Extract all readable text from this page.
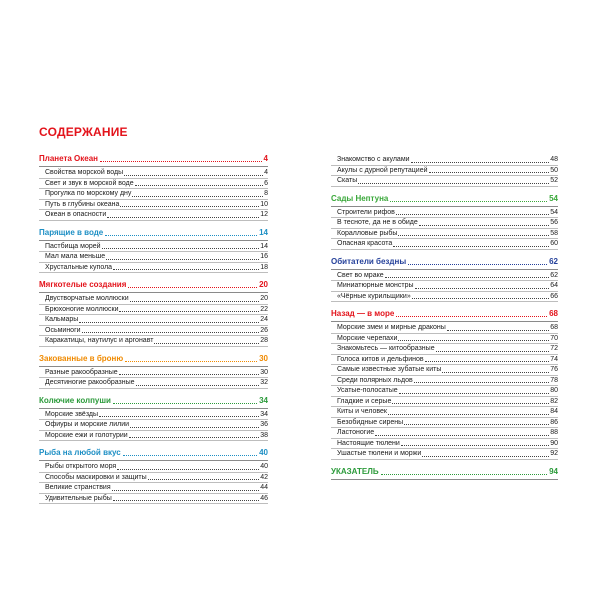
СОДЕРЖАНИЕ
Планета Океан	4
Свойства морской воды	4
Свет и звук в морской воде	6
Прогулка по морскому дну	8
Путь в глубины океана	10
Океан в опасности	12
Парящие в воде	14
Пастбища морей	14
Мал мала меньше	16
Хрустальные купола	18
Мягкотелые создания	20
Двустворчатые моллюски	20
Брюхоногие моллюски	22
Кальмары	24
Осьминоги	26
Каракатицы, наутилус и аргонавт	28
Закованные в броню	30
Разные ракообразные	30
Десятиногие ракообразные	32
Колючие колпуши	34
Морские звёзды	34
Офиуры и морские лилии	36
Морские ежи и голотурии	38
Рыба на любой вкус	40
Рыбы открытого моря	40
Способы маскировки и защиты	42
Великие странствия	44
Удивительные рыбы	46
Знакомство с акулами	48
Акулы с дурной репутацией	50
Скаты	52
Сады Нептуна	54
Строители рифов	54
В тесноте, да не в обиде	56
Коралловые рыбы	58
Опасная красота	60
Обитатели бездны	62
Свет во мраке	62
Миниатюрные монстры	64
«Чёрные курильщики»	66
Назад — в море	68
Морские змеи и мирные драконы	68
Морские черепахи	70
Знакомьтесь — китообразные	72
Голоса китов и дельфинов	74
Самые известные зубатые киты	76
Среди полярных льдов	78
Усатые-полосатые	80
Гладкие и серые	82
Киты и человек	84
Безобидные сирены	86
Ластоногие	88
Настоящие тюлени	90
Ушастые тюлени и моржи	92
УКАЗАТЕЛЬ	94
